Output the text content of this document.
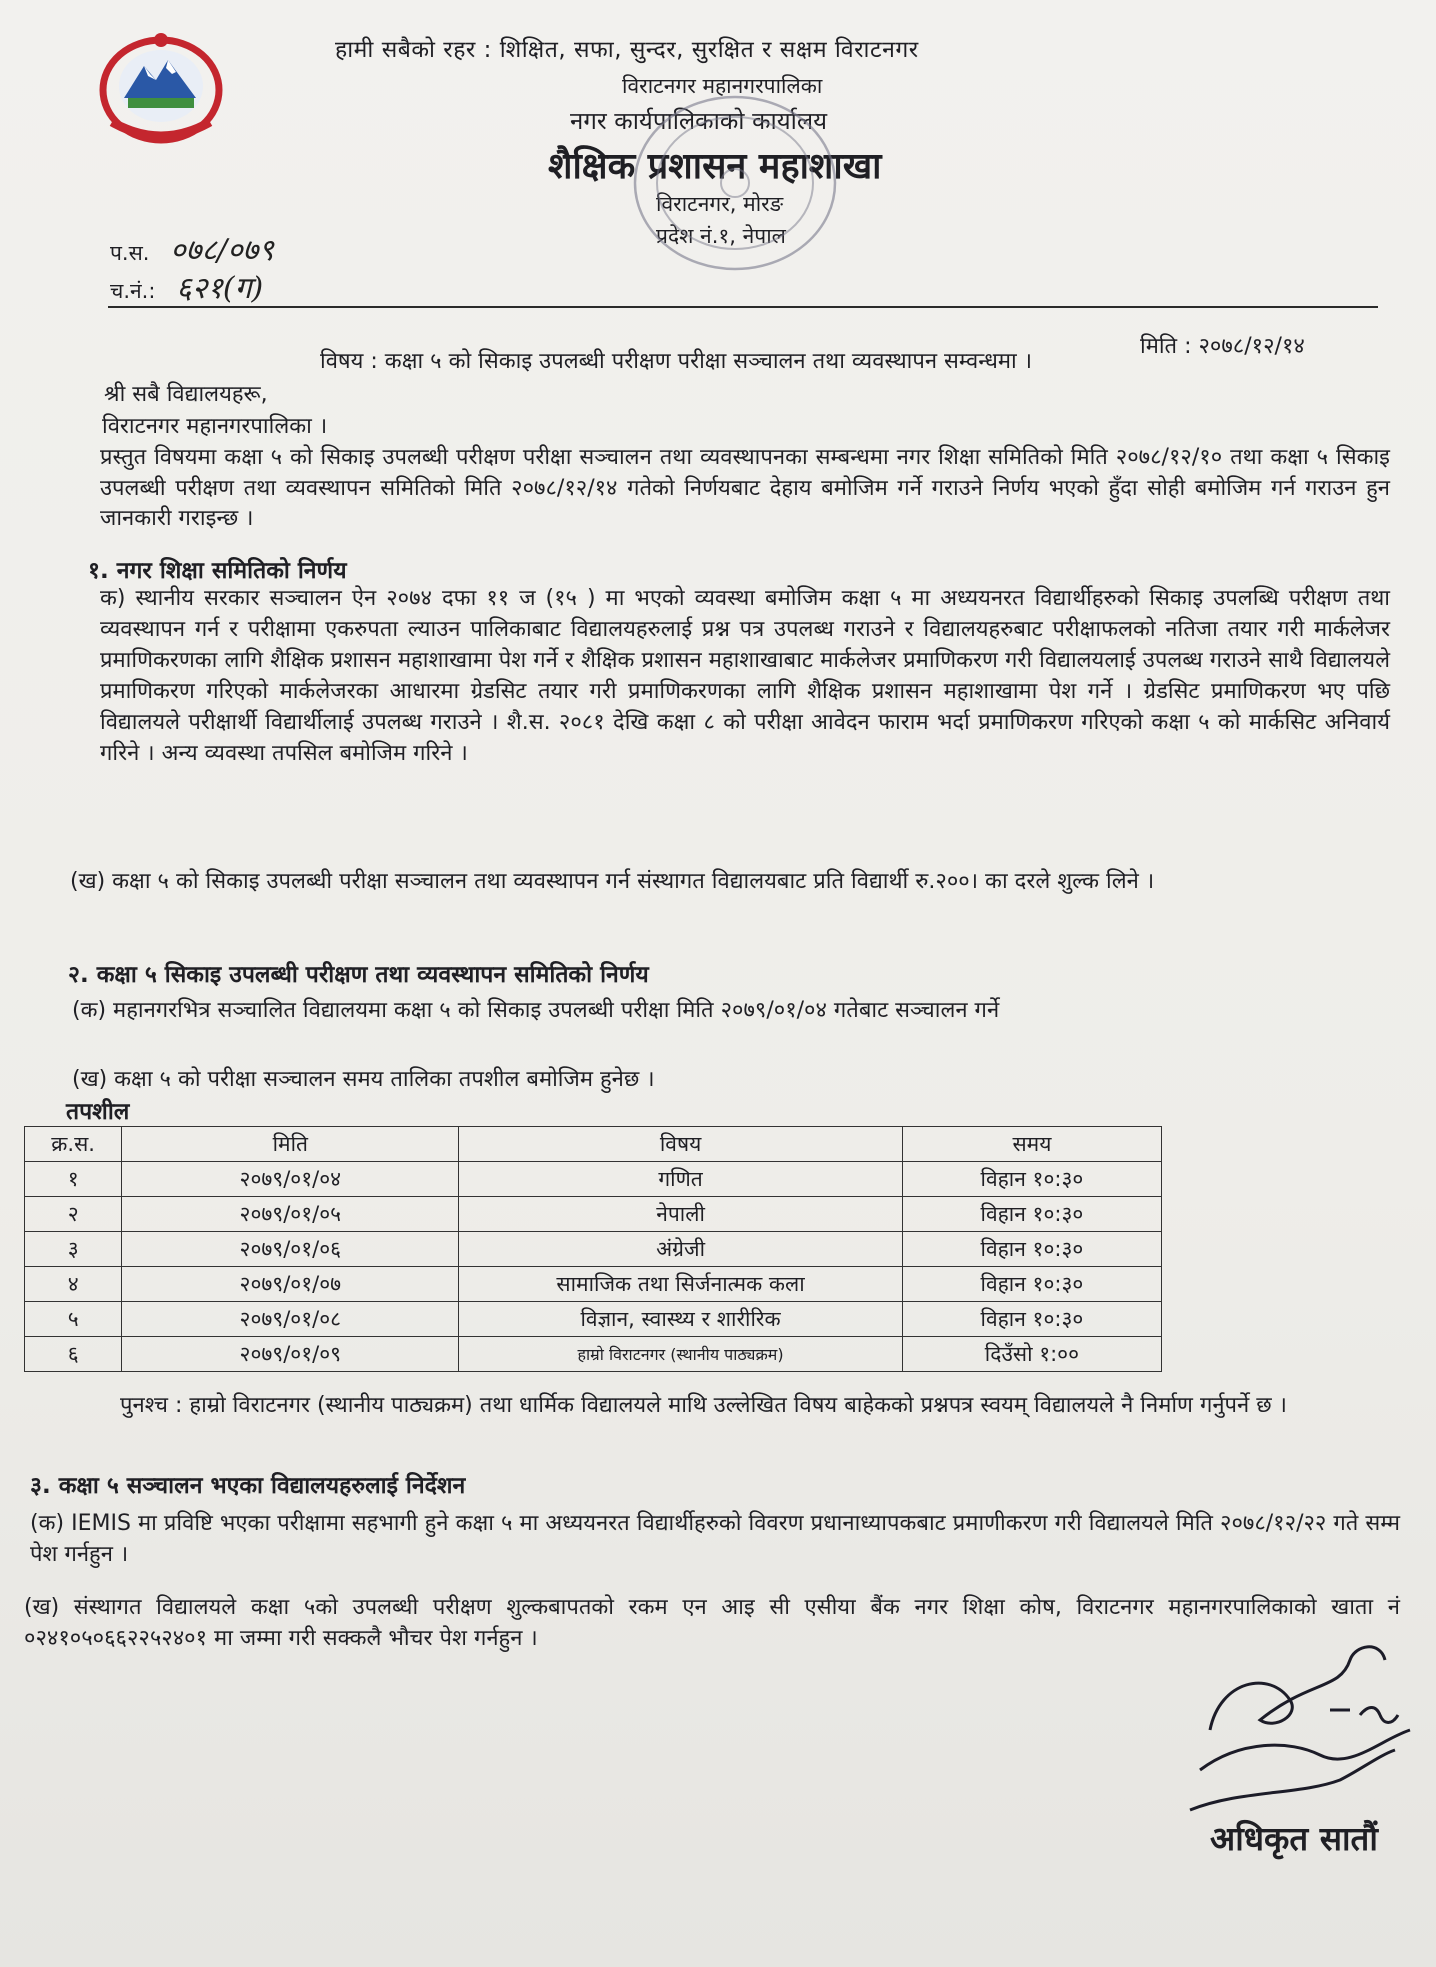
हामी सबैको रहर : शिक्षित, सफा, सुन्दर, सुरक्षित र सक्षम विराटनगर
विराटनगर महानगरपालिका
नगर कार्यपालिकाको कार्यालय
शैक्षिक प्रशासन महाशाखा
विराटनगर, मोरङ
प्रदेश नं.१, नेपाल
प.स. ०७८/०७९
च.नं.: ६२१(ग)
मिति : २०७८/१२/१४
विषय : कक्षा ५ को सिकाइ उपलब्धी परीक्षण परीक्षा सञ्चालन तथा व्यवस्थापन सम्वन्धमा ।
श्री सबै विद्यालयहरू,
विराटनगर महानगरपालिका ।
प्रस्तुत विषयमा कक्षा ५ को सिकाइ उपलब्धी परीक्षण परीक्षा सञ्चालन तथा व्यवस्थापनका सम्बन्धमा नगर शिक्षा समितिको मिति २०७८/१२/१० तथा कक्षा ५ सिकाइ उपलब्धी परीक्षण तथा व्यवस्थापन समितिको मिति २०७८/१२/१४ गतेको निर्णयबाट देहाय बमोजिम गर्ने गराउने निर्णय भएको हुँदा सोही बमोजिम गर्न गराउन हुन जानकारी गराइन्छ ।
१. नगर शिक्षा समितिको निर्णय
क) स्थानीय सरकार सञ्चालन ऐन २०७४ दफा ११ ज (१५ ) मा भएको व्यवस्था बमोजिम कक्षा ५ मा अध्ययनरत विद्यार्थीहरुको सिकाइ उपलब्धि परीक्षण तथा व्यवस्थापन गर्न र परीक्षामा एकरुपता ल्याउन पालिकाबाट विद्यालयहरुलाई प्रश्न पत्र उपलब्ध गराउने र विद्यालयहरुबाट परीक्षाफलको नतिजा तयार गरी मार्कलेजर प्रमाणिकरणका लागि शैक्षिक प्रशासन महाशाखामा पेश गर्ने र शैक्षिक प्रशासन महाशाखाबाट मार्कलेजर प्रमाणिकरण गरी विद्यालयलाई उपलब्ध गराउने साथै विद्यालयले प्रमाणिकरण गरिएको मार्कलेजरका आधारमा ग्रेडसिट तयार गरी प्रमाणिकरणका लागि शैक्षिक प्रशासन महाशाखामा पेश गर्ने । ग्रेडसिट प्रमाणिकरण भए पछि विद्यालयले परीक्षार्थी विद्यार्थीलाई उपलब्ध गराउने । शै.स. २०८१ देखि कक्षा ८ को परीक्षा आवेदन फाराम भर्दा प्रमाणिकरण गरिएको कक्षा ५ को मार्कसिट अनिवार्य गरिने । अन्य व्यवस्था तपसिल बमोजिम गरिने ।
(ख) कक्षा ५ को सिकाइ उपलब्धी परीक्षा सञ्चालन तथा व्यवस्थापन गर्न संस्थागत विद्यालयबाट प्रति विद्यार्थी रु.२००। का दरले शुल्क लिने ।
२. कक्षा ५ सिकाइ उपलब्धी परीक्षण तथा व्यवस्थापन समितिको निर्णय
(क) महानगरभित्र सञ्चालित विद्यालयमा कक्षा ५ को सिकाइ उपलब्धी परीक्षा मिति २०७९/०१/०४ गतेबाट सञ्चालन गर्ने
(ख) कक्षा ५ को परीक्षा सञ्चालन समय तालिका तपशील बमोजिम हुनेछ ।
तपशील
क्र.स.	मिति	विषय	समय
१	२०७९/०१/०४	गणित	विहान १०:३०
२	२०७९/०१/०५	नेपाली	विहान १०:३०
३	२०७९/०१/०६	अंग्रेजी	विहान १०:३०
४	२०७९/०१/०७	सामाजिक तथा सिर्जनात्मक कला	विहान १०:३०
५	२०७९/०१/०८	विज्ञान, स्वास्थ्य र शारीरिक	विहान १०:३०
६	२०७९/०१/०९	हाम्रो विराटनगर (स्थानीय पाठ्यक्रम)	दिउँसो १:००
पुनश्च : हाम्रो विराटनगर (स्थानीय पाठ्यक्रम) तथा धार्मिक विद्यालयले माथि उल्लेखित विषय बाहेकको प्रश्नपत्र स्वयम् विद्यालयले नै निर्माण गर्नुपर्ने छ ।
३. कक्षा ५ सञ्चालन भएका विद्यालयहरुलाई निर्देशन
(क) IEMIS मा प्रविष्टि भएका परीक्षामा सहभागी हुने कक्षा ५ मा अध्ययनरत विद्यार्थीहरुको विवरण प्रधानाध्यापकबाट प्रमाणीकरण गरी विद्यालयले मिति २०७८/१२/२२ गते सम्म पेश गर्नहुन ।
(ख) संस्थागत विद्यालयले कक्षा ५को उपलब्धी परीक्षण शुल्कबापतको रकम एन आइ सी एसीया बैंक नगर शिक्षा कोष, विराटनगर महानगरपालिकाको खाता नं ०२४१०५०६६२२५२४०१ मा जम्मा गरी सक्कलै भौचर पेश गर्नहुन ।
अधिकृत सातौं
